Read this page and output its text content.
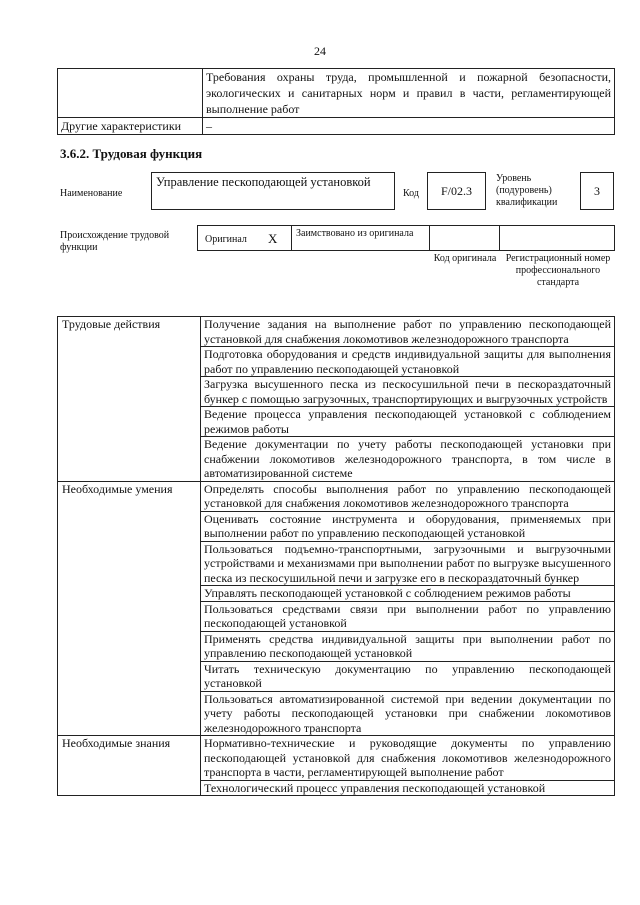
24
	Требования охраны труда, промышленной и пожарной безопасности, экологических и санитарных норм и правил в части, регламентирующей выполнение работ
Другие характеристики	–
3.6.2. Трудовая функция
Наименование
Управление пескоподающей установкой
Код	F/02.3
Уровень (подуровень) квалификации
3
Происхождение трудовой функции
Оригинал X Заимствовано из оригинала
Код оригинала Регистрационный номер профессионального стандарта
Трудовые действия	Получение задания на выполнение работ по управлению пескоподающей установкой для снабжения локомотивов железнодорожного транспорта
	Подготовка оборудования и средств индивидуальной защиты для выполнения работ по управлению пескоподающей установкой
	Загрузка высушенного песка из пескосушильной печи в пескораздаточный бункер с помощью загрузочных, транспортирующих и выгрузочных устройств
	Ведение процесса управления пескоподающей установкой с соблюдением режимов работы
	Ведение документации по учету работы пескоподающей установки при снабжении локомотивов железнодорожного транспорта, в том числе в автоматизированной системе
Необходимые умения	Определять способы выполнения работ по управлению пескоподающей установкой для снабжения локомотивов железнодорожного транспорта
	Оценивать состояние инструмента и оборудования, применяемых при выполнении работ по управлению пескоподающей установкой
	Пользоваться подъемно-транспортными, загрузочными и выгрузочными устройствами и механизмами при выполнении работ по выгрузке высушенного песка из пескосушильной печи и загрузке его в пескораздаточный бункер
	Управлять пескоподающей установкой с соблюдением режимов работы
	Пользоваться средствами связи при выполнении работ по управлению пескоподающей установкой
	Применять средства индивидуальной защиты при выполнении работ по управлению пескоподающей установкой
	Читать техническую документацию по управлению пескоподающей установкой
	Пользоваться автоматизированной системой при ведении документации по учету работы пескоподающей установки при снабжении локомотивов железнодорожного транспорта
Необходимые знания	Нормативно-технические и руководящие документы по управлению пескоподающей установкой для снабжения локомотивов железнодорожного транспорта в части, регламентирующей выполнение работ
	Технологический процесс управления пескоподающей установкой
